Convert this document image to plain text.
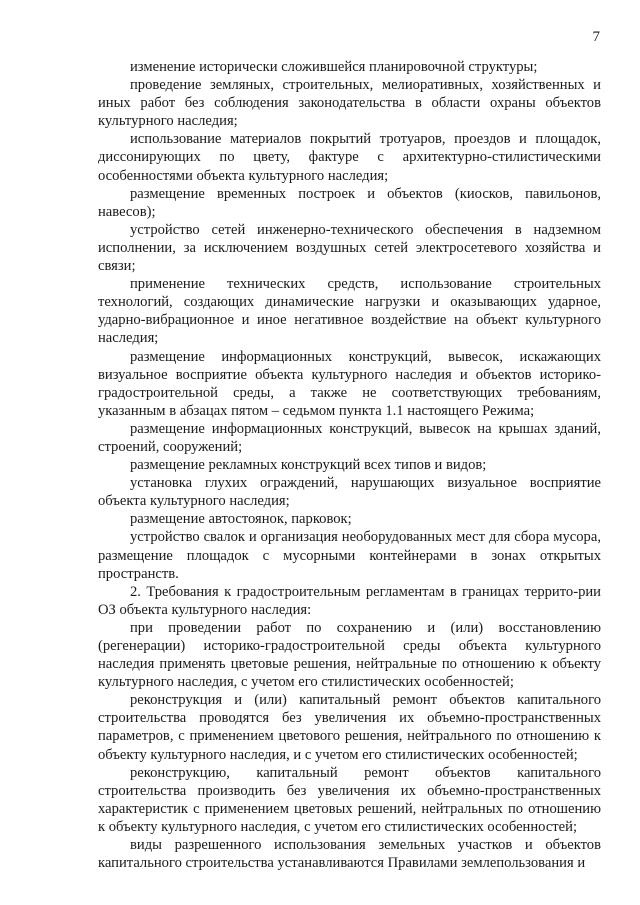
7

изменение исторически сложившейся планировочной структуры;

проведение земляных, строительных, мелиоративных, хозяйственных и иных работ без соблюдения законодательства в области охраны объектов культурного наследия;

использование материалов покрытий тротуаров, проездов и площадок, диссонирующих по цвету, фактуре с архитектурно-стилистическими особенностями объекта культурного наследия;

размещение временных построек и объектов (киосков, павильонов, навесов);

устройство сетей инженерно-технического обеспечения в надземном исполнении, за исключением воздушных сетей электросетевого хозяйства и связи;

применение технических средств, использование строительных технологий, создающих динамические нагрузки и оказывающих ударное, ударно-вибрационное и иное негативное воздействие на объект культурного наследия;

размещение информационных конструкций, вывесок, искажающих визуальное восприятие объекта культурного наследия и объектов историко-градостроительной среды, а также не соответствующих требованиям, указанным в абзацах пятом – седьмом пункта 1.1 настоящего Режима;

размещение информационных конструкций, вывесок на крышах зданий, строений, сооружений;

размещение рекламных конструкций всех типов и видов;

установка глухих ограждений, нарушающих визуальное восприятие объекта культурного наследия;

размещение автостоянок, парковок;

устройство свалок и организация необорудованных мест для сбора мусора, размещение площадок с мусорными контейнерами в зонах открытых пространств.

2. Требования к градостроительным регламентам в границах террито-рии ОЗ объекта культурного наследия:

при проведении работ по сохранению и (или) восстановлению (регенерации) историко-градостроительной среды объекта культурного наследия применять цветовые решения, нейтральные по отношению к объекту культурного наследия, с учетом его стилистических особенностей;

реконструкция и (или) капитальный ремонт объектов капитального строительства проводятся без увеличения их объемно-пространственных параметров, с применением цветового решения, нейтрального по отношению к объекту культурного наследия, и с учетом его стилистических особенностей;

реконструкцию, капитальный ремонт объектов капитального строительства производить без увеличения их объемно-пространственных характеристик с применением цветовых решений, нейтральных по отношению к объекту культурного наследия, с учетом его стилистических особенностей;

виды разрешенного использования земельных участков и объектов капитального строительства устанавливаются Правилами землепользования и
